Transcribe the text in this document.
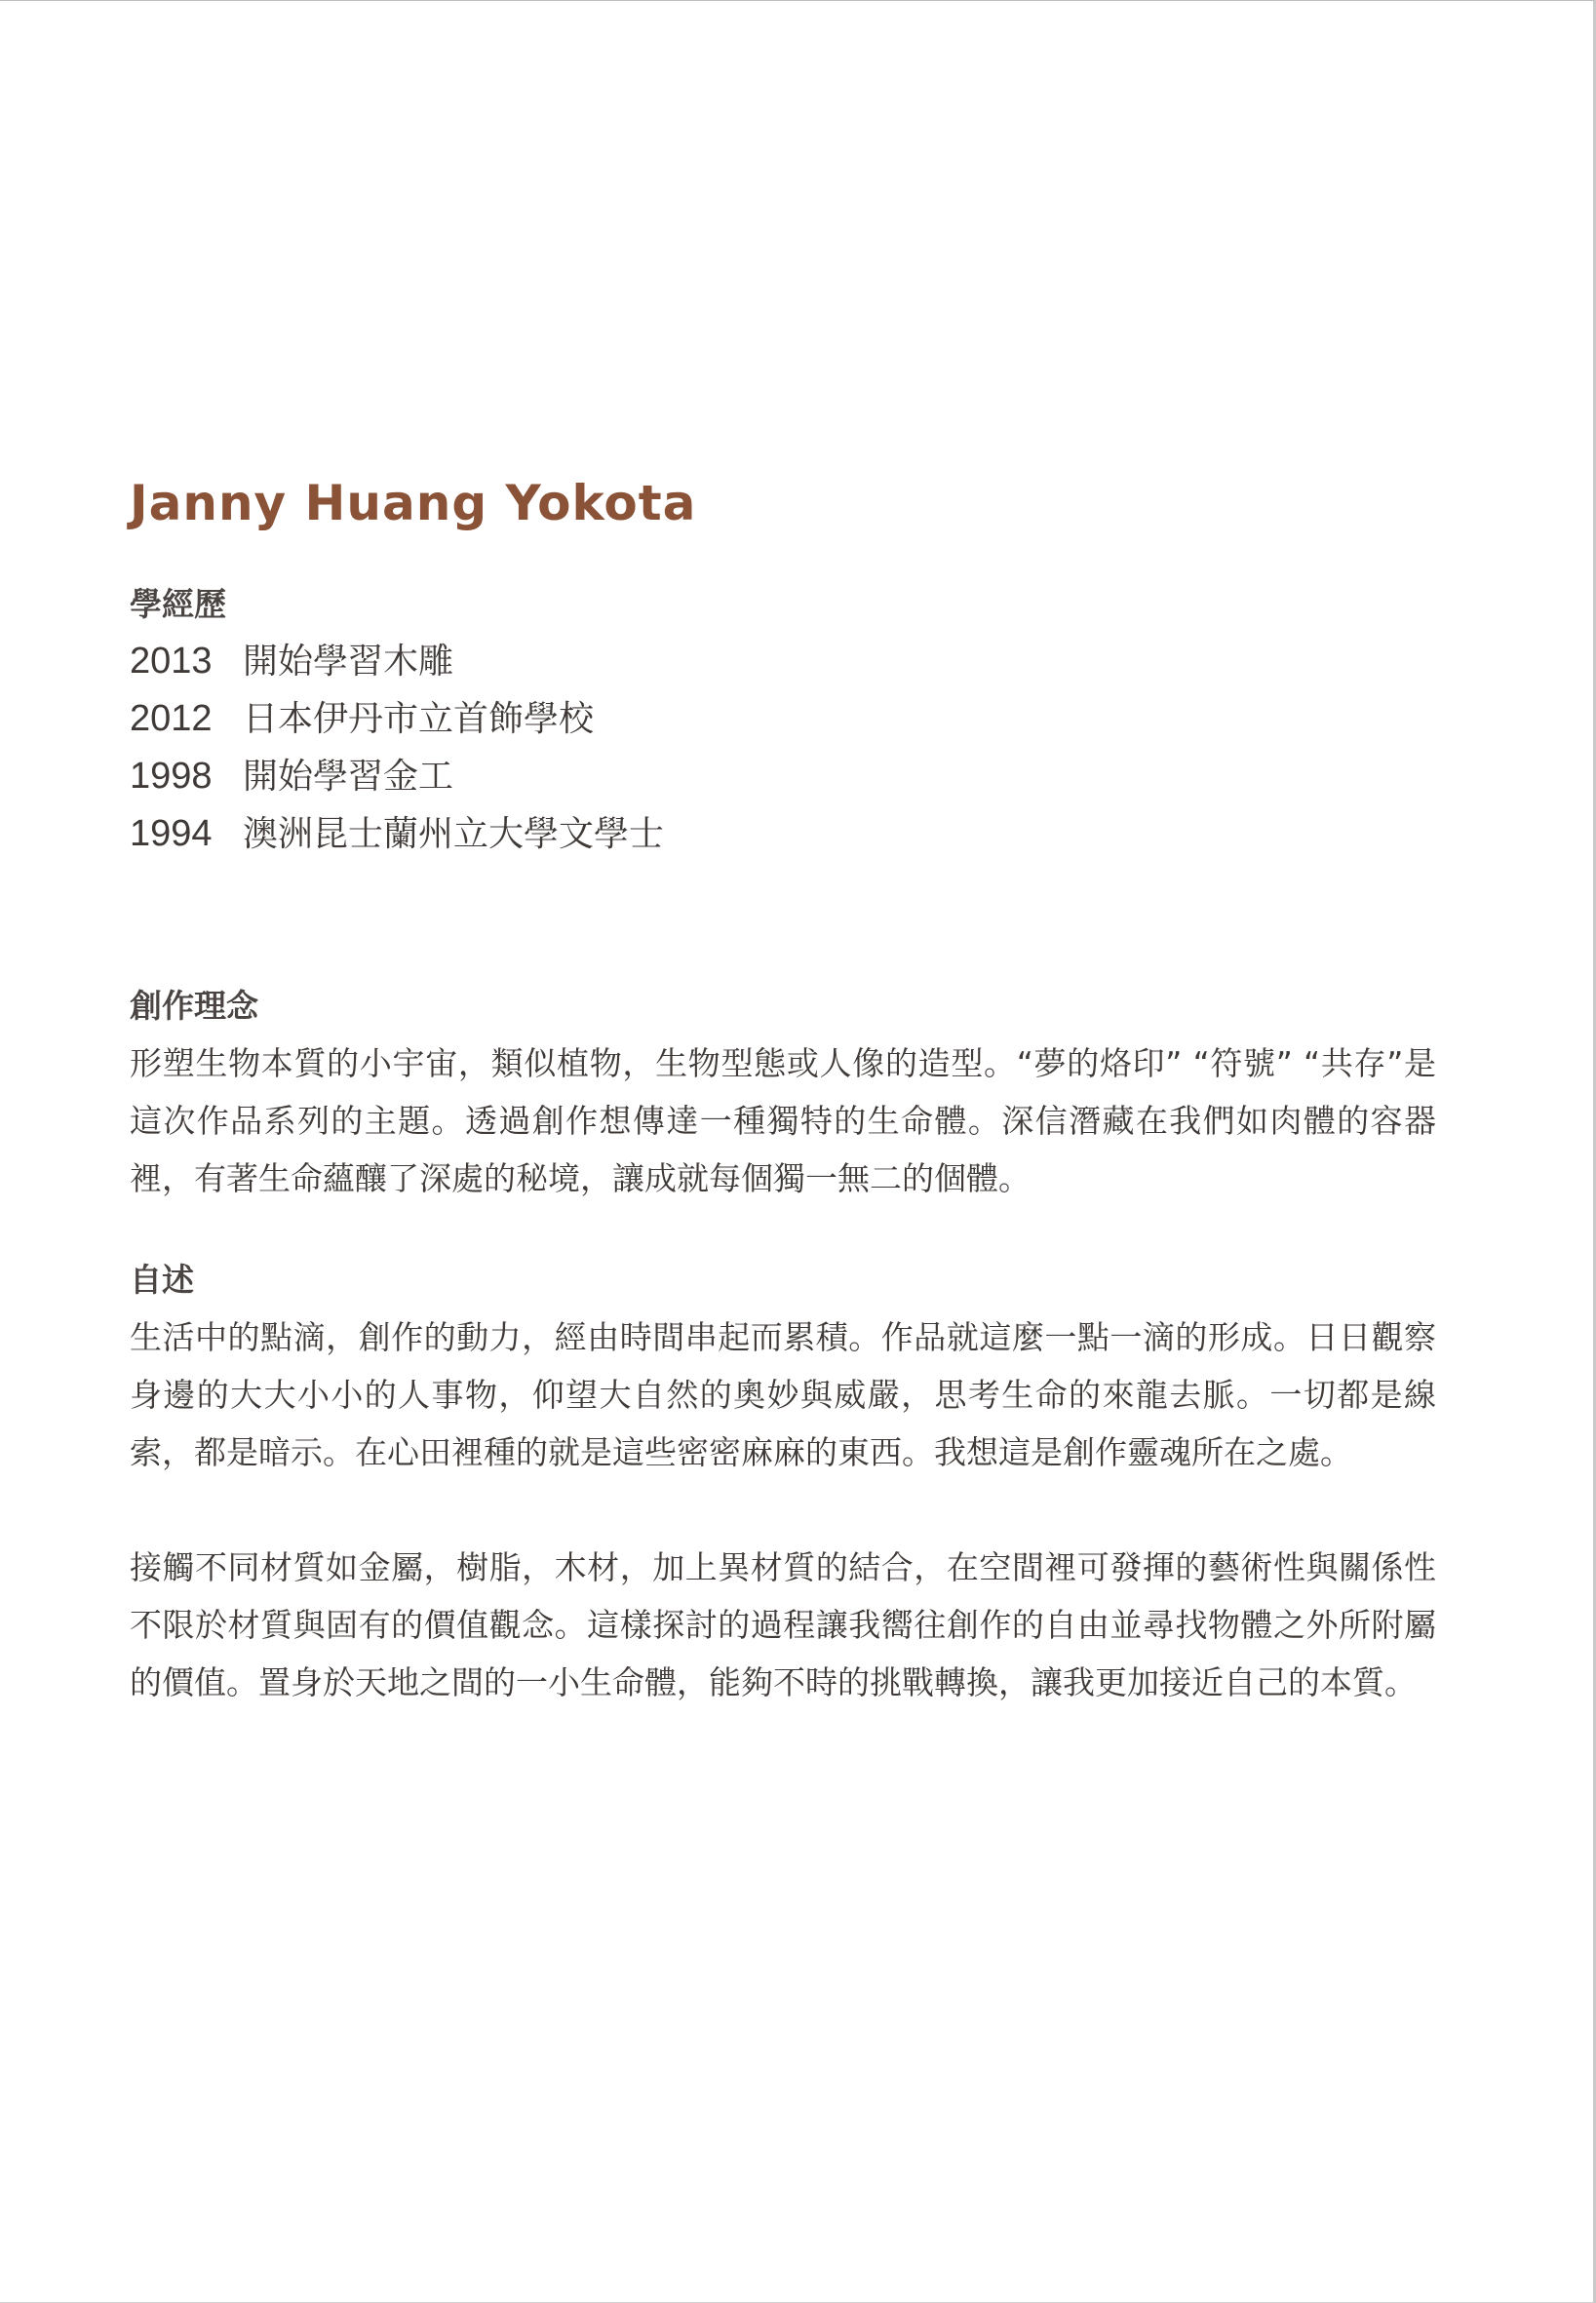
Janny Huang Yokota
學經歷
2013 開始學習木雕
2012 日本伊丹市立首飾學校
1998 開始學習金工
1994 澳洲昆士蘭州立大學文學士
創作理念

形塑生物本質的小宇宙，類似植物，生物型態或人像的造型。“夢的烙印” “符號” “共存”是這次作品系列的主題。透過創作想傳達一種獨特的生命體。深信潛藏在我們如肉體的容器裡，有著生命蘊釀了深處的秘境，讓成就每個獨一無二的個體。

自述

生活中的點滴，創作的動力，經由時間串起而累積。作品就這麼一點一滴的形成。日日觀察身邊的大大小小的人事物，仰望大自然的奧妙與威嚴，思考生命的來龍去脈。一切都是線索，都是暗示。在心田裡種的就是這些密密麻麻的東西。我想這是創作靈魂所在之處。

接觸不同材質如金屬，樹脂，木材，加上異材質的結合，在空間裡可發揮的藝術性與關係性不限於材質與固有的價值觀念。這樣探討的過程讓我嚮往創作的自由並尋找物體之外所附屬的價值。置身於天地之間的一小生命體，能夠不時的挑戰轉換，讓我更加接近自己的本質。
